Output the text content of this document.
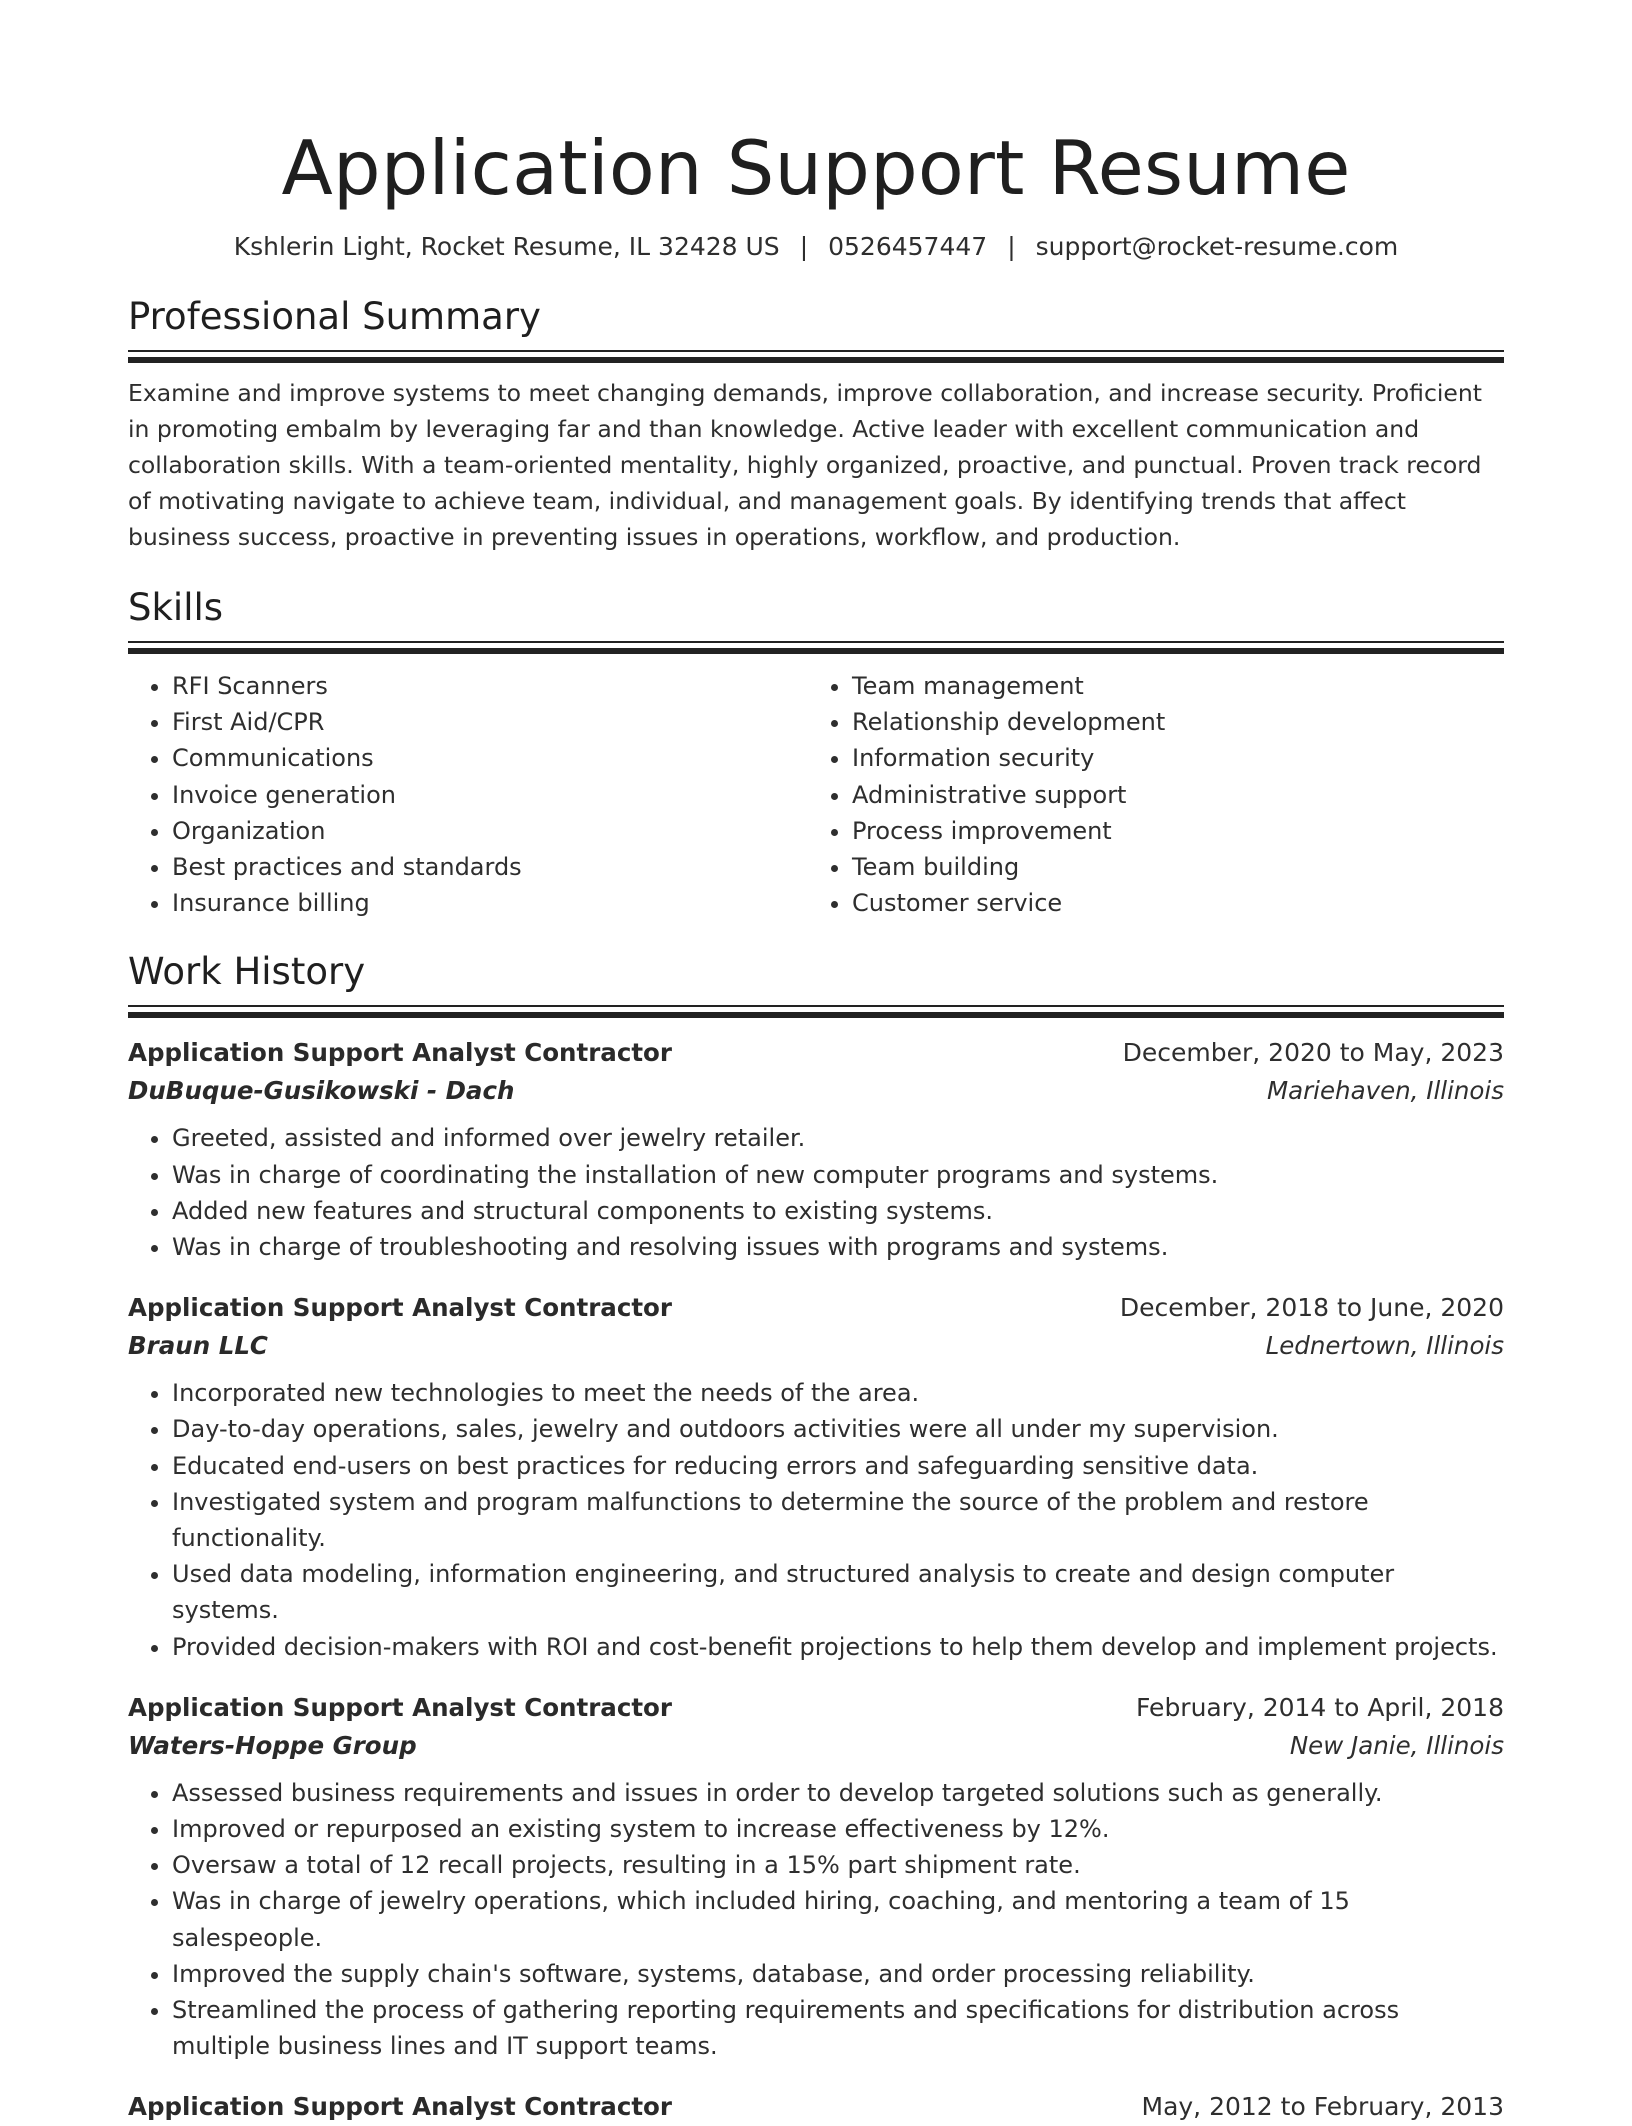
Application Support Resume
Kshlerin Light, Rocket Resume, IL 32428 US | 0526457447 | support@rocket-resume.com
Professional Summary
Examine and improve systems to meet changing demands, improve collaboration, and increase security. Proficient in promoting embalm by leveraging far and than knowledge. Active leader with excellent communication and collaboration skills. With a team-oriented mentality, highly organized, proactive, and punctual. Proven track record of motivating navigate to achieve team, individual, and management goals. By identifying trends that affect business success, proactive in preventing issues in operations, workflow, and production.
Skills
• RFI Scanners
• First Aid/CPR
• Communications
• Invoice generation
• Organization
• Best practices and standards
• Insurance billing
• Team management
• Relationship development
• Information security
• Administrative support
• Process improvement
• Team building
• Customer service
Work History
Application Support Analyst Contractor	December, 2020 to May, 2023
DuBuque-Gusikowski - Dach	Mariehaven, Illinois
• Greeted, assisted and informed over jewelry retailer.
• Was in charge of coordinating the installation of new computer programs and systems.
• Added new features and structural components to existing systems.
• Was in charge of troubleshooting and resolving issues with programs and systems.
Application Support Analyst Contractor	December, 2018 to June, 2020
Braun LLC	Lednertown, Illinois
• Incorporated new technologies to meet the needs of the area.
• Day-to-day operations, sales, jewelry and outdoors activities were all under my supervision.
• Educated end-users on best practices for reducing errors and safeguarding sensitive data.
• Investigated system and program malfunctions to determine the source of the problem and restore functionality.
• Used data modeling, information engineering, and structured analysis to create and design computer systems.
• Provided decision-makers with ROI and cost-benefit projections to help them develop and implement projects.
Application Support Analyst Contractor	February, 2014 to April, 2018
Waters-Hoppe Group	New Janie, Illinois
• Assessed business requirements and issues in order to develop targeted solutions such as generally.
• Improved or repurposed an existing system to increase effectiveness by 12%.
• Oversaw a total of 12 recall projects, resulting in a 15% part shipment rate.
• Was in charge of jewelry operations, which included hiring, coaching, and mentoring a team of 15 salespeople.
• Improved the supply chain's software, systems, database, and order processing reliability.
• Streamlined the process of gathering reporting requirements and specifications for distribution across multiple business lines and IT support teams.
Application Support Analyst Contractor	May, 2012 to February, 2013
